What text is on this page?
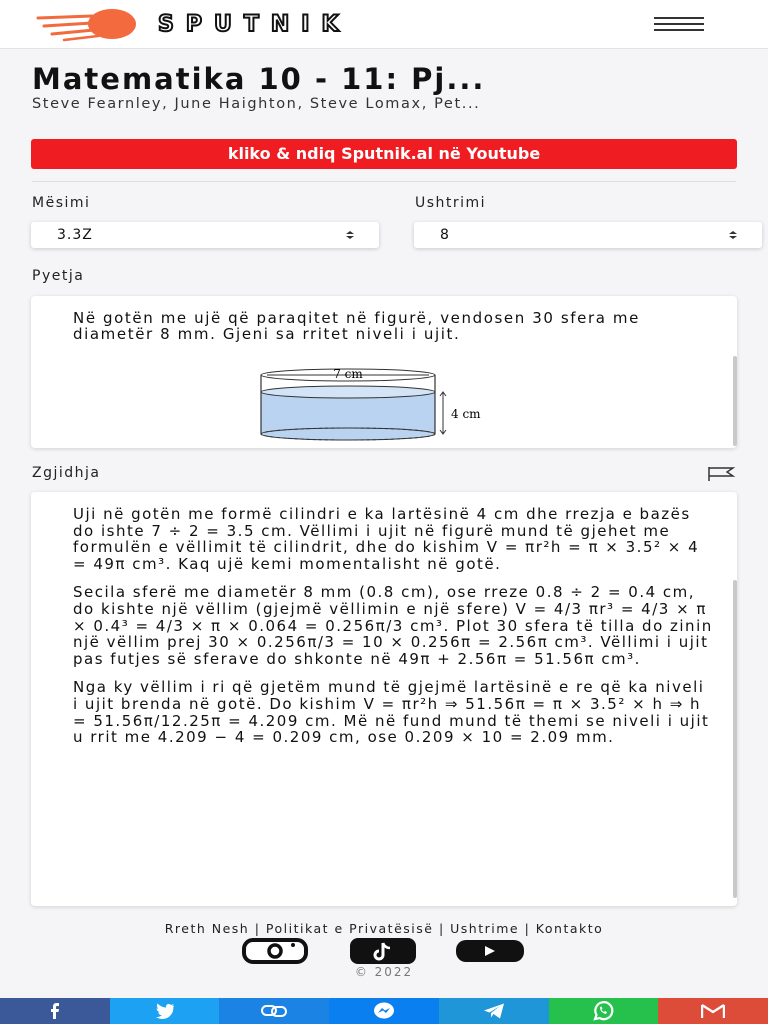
SPUTNIK
Matematika 10 - 11: Pj...
Steve Fearnley, June Haighton, Steve Lomax, Pet...
kliko & ndiq Sputnik.al në Youtube
Mësimi	Ushtrimi
3.3Z	8
Pyetja
Në gotën me ujë që paraqitet në figurë, vendosen 30 sfera me diametër 8 mm. Gjeni sa rritet niveli i ujit.
7 cm
4 cm
Zgjidhja

Uji në gotën me formë cilindri e ka lartësinë 4 cm dhe rrezja e bazës do ishte 7 ÷ 2 = 3.5 cm. Vëllimi i ujit në figurë mund të gjehet me formulën e vëllimit të cilindrit, dhe do kishim V = πr²h = π × 3.5² × 4 = 49π cm³. Kaq ujë kemi momentalisht në gotë.

Secila sferë me diametër 8 mm (0.8 cm), ose rreze 0.8 ÷ 2 = 0.4 cm, do kishte një vëllim (gjejmë vëllimin e një sfere) V = 4/3 πr³ = 4/3 × π × 0.4³ = 4/3 × π × 0.064 = 0.256π/3 cm³. Plot 30 sfera të tilla do zinin një vëllim prej 30 × 0.256π/3 = 10 × 0.256π = 2.56π cm³. Vëllimi i ujit pas futjes së sferave do shkonte në 49π + 2.56π = 51.56π cm³.

Nga ky vëllim i ri që gjetëm mund të gjejmë lartësinë e re që ka niveli i ujit brenda në gotë. Do kishim V = πr²h ⇒ 51.56π = π × 3.5² × h ⇒ h = 51.56π/12.25π = 4.209 cm. Më në fund mund të themi se niveli i ujit u rrit me 4.209 − 4 = 0.209 cm, ose 0.209 × 10 = 2.09 mm.

Rreth Nesh | Politikat e Privatësisë | Ushtrime | Kontakto
© 2022
